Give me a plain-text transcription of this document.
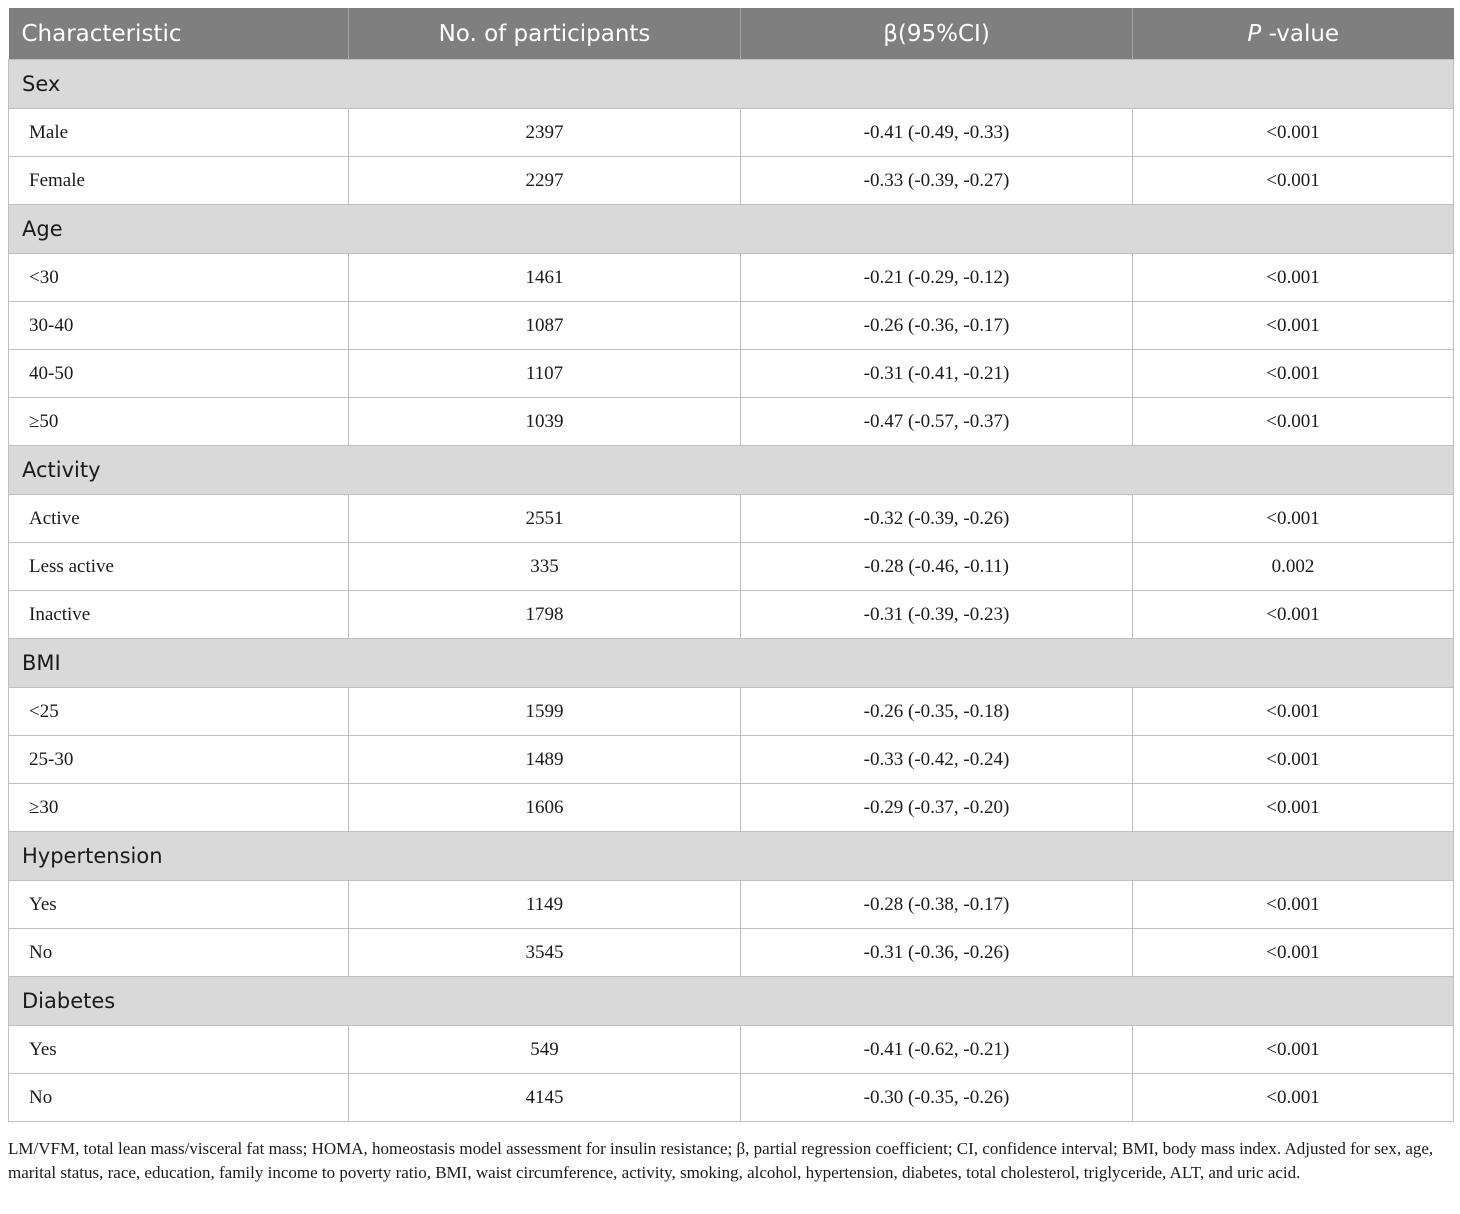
Characteristic	No. of participants	β(95%CI)	P -value
Sex			
Male	2397	-0.41 (-0.49, -0.33)	<0.001
Female	2297	-0.33 (-0.39, -0.27)	<0.001
Age			
<30	1461	-0.21 (-0.29, -0.12)	<0.001
30-40	1087	-0.26 (-0.36, -0.17)	<0.001
40-50	1107	-0.31 (-0.41, -0.21)	<0.001
≥50	1039	-0.47 (-0.57, -0.37)	<0.001
Activity			
Active	2551	-0.32 (-0.39, -0.26)	<0.001
Less active	335	-0.28 (-0.46, -0.11)	0.002
Inactive	1798	-0.31 (-0.39, -0.23)	<0.001
BMI			
<25	1599	-0.26 (-0.35, -0.18)	<0.001
25-30	1489	-0.33 (-0.42, -0.24)	<0.001
≥30	1606	-0.29 (-0.37, -0.20)	<0.001
Hypertension			
Yes	1149	-0.28 (-0.38, -0.17)	<0.001
No	3545	-0.31 (-0.36, -0.26)	<0.001
Diabetes			
Yes	549	-0.41 (-0.62, -0.21)	<0.001
No	4145	-0.30 (-0.35, -0.26)	<0.001
LM/VFM, total lean mass/visceral fat mass; HOMA, homeostasis model assessment for insulin resistance; β, partial regression coefficient; CI, confidence interval; BMI, body mass index. Adjusted for sex, age, marital status, race, education, family income to poverty ratio, BMI, waist circumference, activity, smoking, alcohol, hypertension, diabetes, total cholesterol, triglyceride, ALT, and uric acid.
